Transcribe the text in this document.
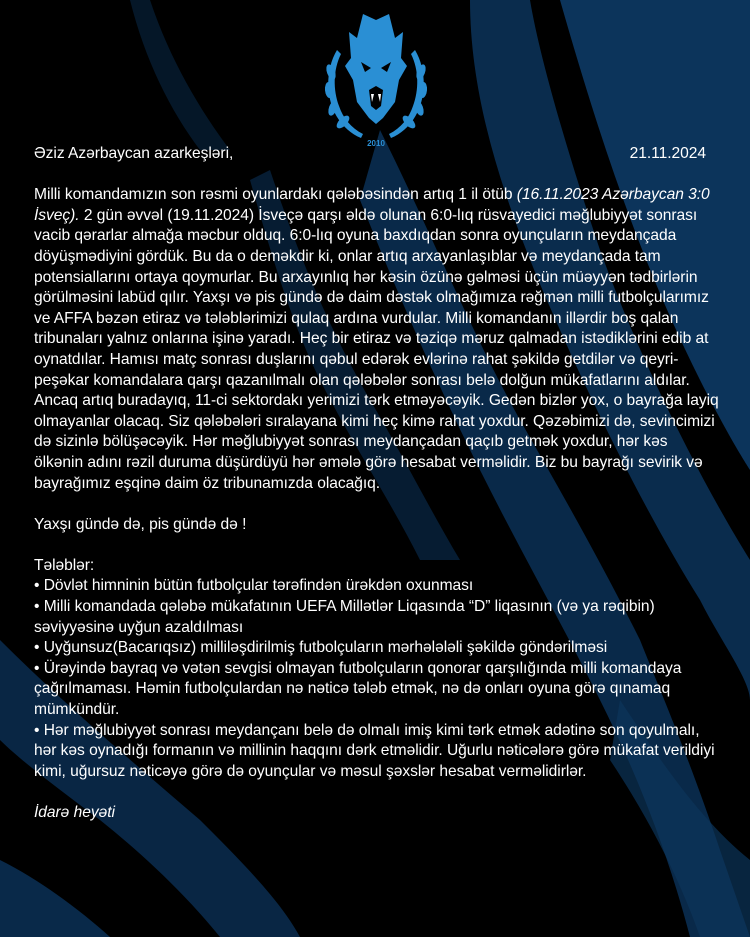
2010
Əziz Azərbaycan azarkeşləri,	21.11.2024

Milli komandamızın son rəsmi oyunlardakı qələbəsindən artıq 1 il ötüb (16.11.2023 Azərbaycan 3:0 İsveç). 2 gün əvvəl (19.11.2024) İsveçə qarşı əldə olunan 6:0-lıq rüsvayedici məğlubiyyət sonrası vacib qərarlar almağa məcbur olduq. 6:0-lıq oyuna baxdıqdan sonra oyunçuların meydançada döyüşmədiyini gördük. Bu da o deməkdir ki, onlar artıq arxayanlaşıblar və meydançada tam potensiallarını ortaya qoymurlar. Bu arxayınlıq hər kəsin özünə gəlməsi üçün müəyyən tədbirlərin görülməsini labüd qılır. Yaxşı və pis gündə də daim dəstək olmağımıza rəğmən milli futbolçularımız ve AFFA bəzən etiraz və tələblərimizi qulaq ardına vurdular. Milli komandanın illərdir boş qalan tribunaları yalnız onlarına işinə yaradı. Heç bir etiraz və təziqə məruz qalmadan istədiklərini edib at oynatdılar. Hamısı matç sonrası duşlarını qəbul edərək evlərinə rahat şəkildə getdilər və qeyri-peşəkar komandalara qarşı qazanılmalı olan qələbələr sonrası belə dolğun mükafatlarını aldılar. Ancaq artıq buradayıq, 11-ci sektordakı yerimizi tərk etməyəcəyik. Gedən bizlər yox, o bayrağa layiq olmayanlar olacaq. Siz qələbələri sıralayana kimi heç kimə rahat yoxdur. Qəzəbimizi də, sevincimizi də sizinlə bölüşəcəyik. Hər məğlubiyyət sonrası meydançadan qaçıb getmək yoxdur, hər kəs ölkənin adını rəzil duruma düşürdüyü hər əmələ görə hesabat verməlidir. Biz bu bayrağı sevirik və bayrağımız eşqinə daim öz tribunamızda olacağıq.

Yaxşı gündə də, pis gündə də !

Tələblər:

• Dövlət himninin bütün futbolçular tərəfindən ürəkdən oxunması

• Milli komandada qələbə mükafatının UEFA Millətlər Liqasında “D” liqasının (və ya rəqibin) səviyyəsinə uyğun azaldılması

• Uyğunsuz(Bacarıqsız) milliləşdirilmiş futbolçuların mərhələləli şəkildə göndərilməsi

• Ürəyində bayraq və vətən sevgisi olmayan futbolçuların qonorar qarşılığında milli komandaya çağrılmaması. Həmin futbolçulardan nə nəticə tələb etmək, nə də onları oyuna görə qınamaq mümkündür.

• Hər məğlubiyyət sonrası meydançanı belə də olmalı imiş kimi tərk etmək adətinə son qoyulmalı, hər kəs oynadığı formanın və millinin haqqını dərk etməlidir. Uğurlu nəticələrə görə mükafat verildiyi kimi, uğursuz nəticəyə görə də oyunçular və məsul şəxslər hesabat verməlidirlər.

İdarə heyəti
